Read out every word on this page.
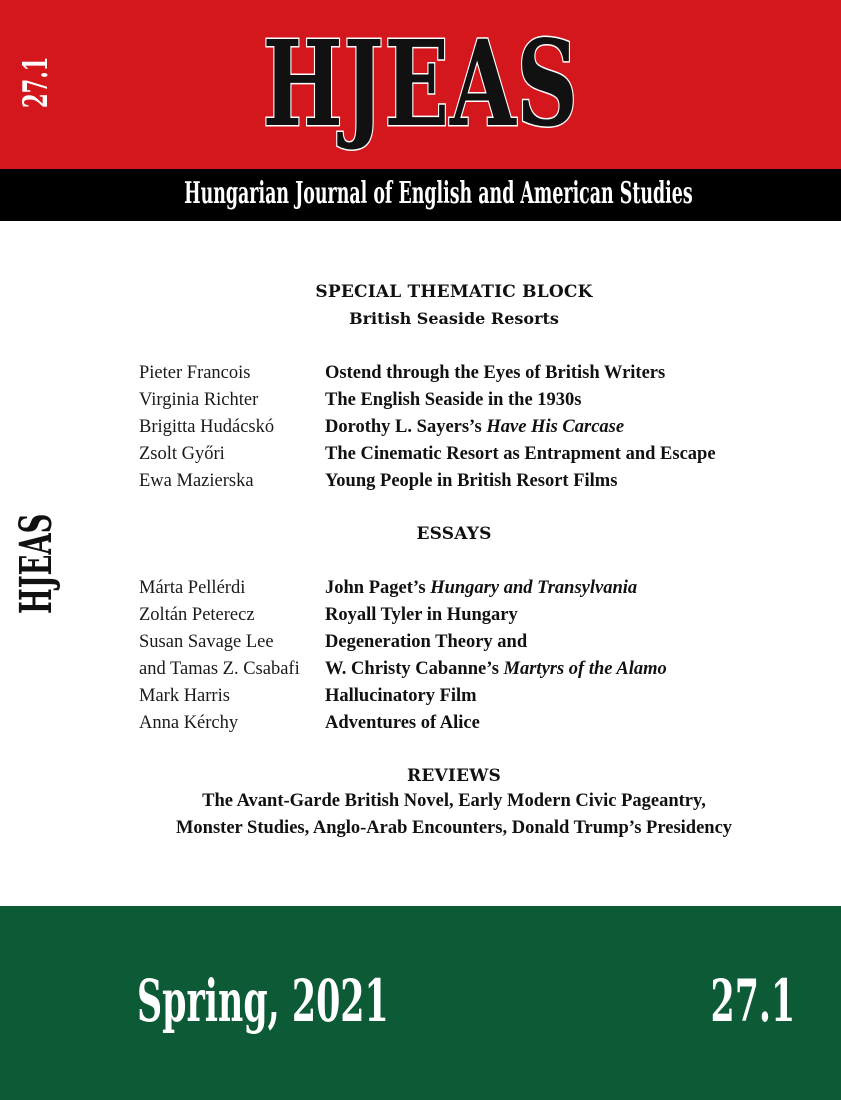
HJEAS
27.1
Hungarian Journal of English and American Studies
HJEAS
SPECIAL THEMATIC BLOCK
British Seaside Resorts
Pieter Francois	Ostend through the Eyes of British Writers
Virginia Richter	The English Seaside in the 1930s
Brigitta Hudácskó	Dorothy L. Sayers’s Have His Carcase
Zsolt Győri	The Cinematic Resort as Entrapment and Escape
Ewa Mazierska	Young People in British Resort Films
ESSAYS
Márta Pellérdi	John Paget’s Hungary and Transylvania
Zoltán Peterecz	Royall Tyler in Hungary
Susan Savage Lee	Degeneration Theory and
and Tamas Z. Csabafi	W. Christy Cabanne’s Martyrs of the Alamo
Mark Harris	Hallucinatory Film
Anna Kérchy	Adventures of Alice
REVIEWS
The Avant-Garde British Novel, Early Modern Civic Pageantry,
Monster Studies, Anglo-Arab Encounters, Donald Trump’s Presidency
Spring, 2021	27.1
